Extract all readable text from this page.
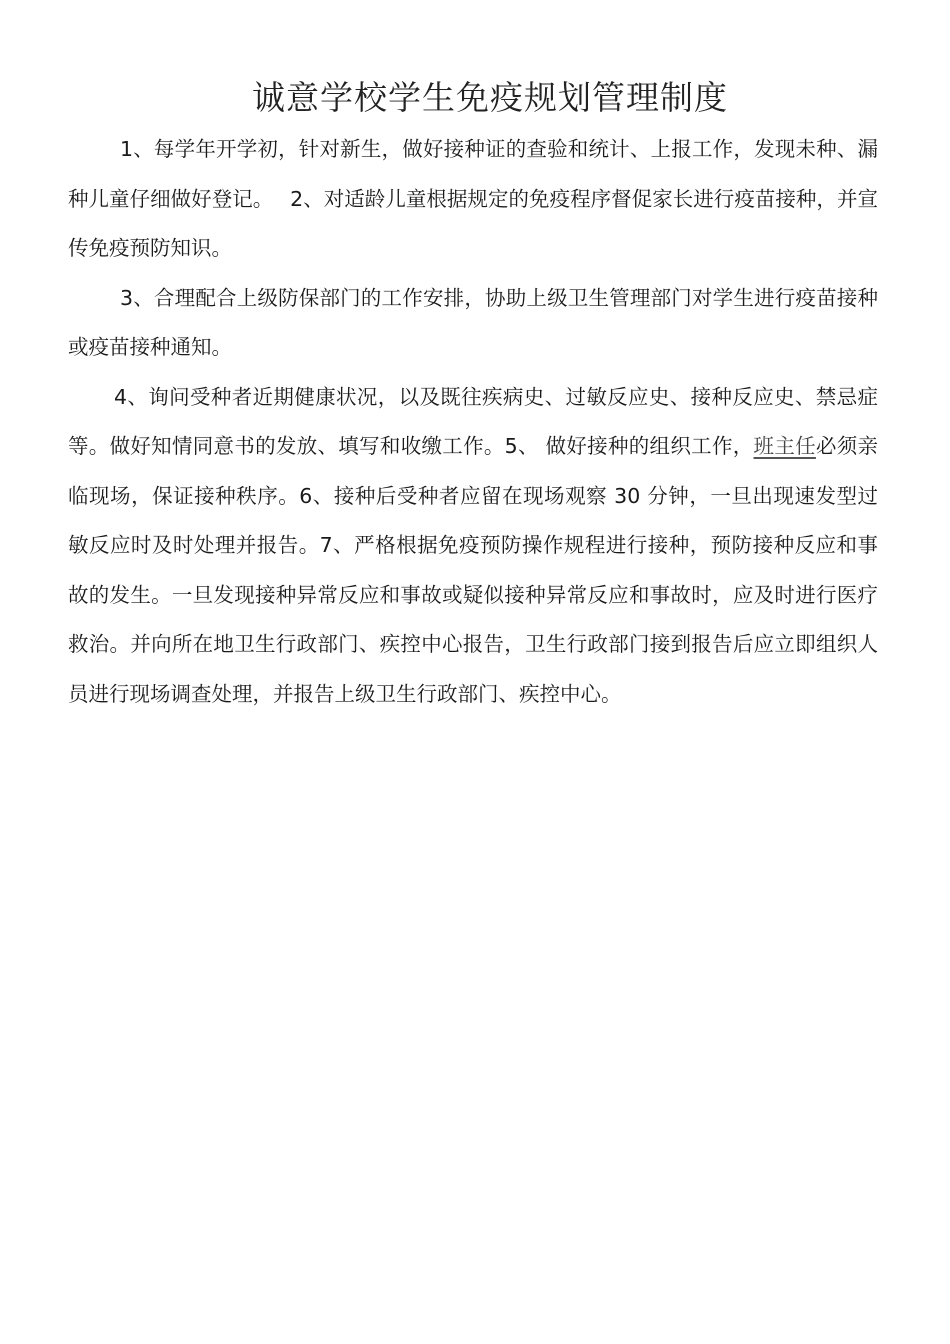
诚意学校学生免疫规划管理制度

1、每学年开学初，针对新生，做好接种证的查验和统计、上报工作，发现未种、漏种儿童仔细做好登记。　 2、对适龄儿童根据规定的免疫程序督促家长进行疫苗接种，并宣传免疫预防知识。

3、合理配合上级防保部门的工作安排，协助上级卫生管理部门对学生进行疫苗接种或疫苗接种通知。

4、询问受种者近期健康状况，以及既往疾病史、过敏反应史、接种反应史、禁忌症等。做好知情同意书的发放、填写和收缴工作。5、 做好接种的组织工作，班主任必须亲临现场，保证接种秩序。6、接种后受种者应留在现场观察 30 分钟，一旦出现速发型过敏反应时及时处理并报告。7、严格根据免疫预防操作规程进行接种，预防接种反应和事故的发生。一旦发现接种异常反应和事故或疑似接种异常反应和事故时，应及时进行医疗救治。并向所在地卫生行政部门、疾控中心报告，卫生行政部门接到报告后应立即组织人员进行现场调查处理，并报告上级卫生行政部门、疾控中心。
